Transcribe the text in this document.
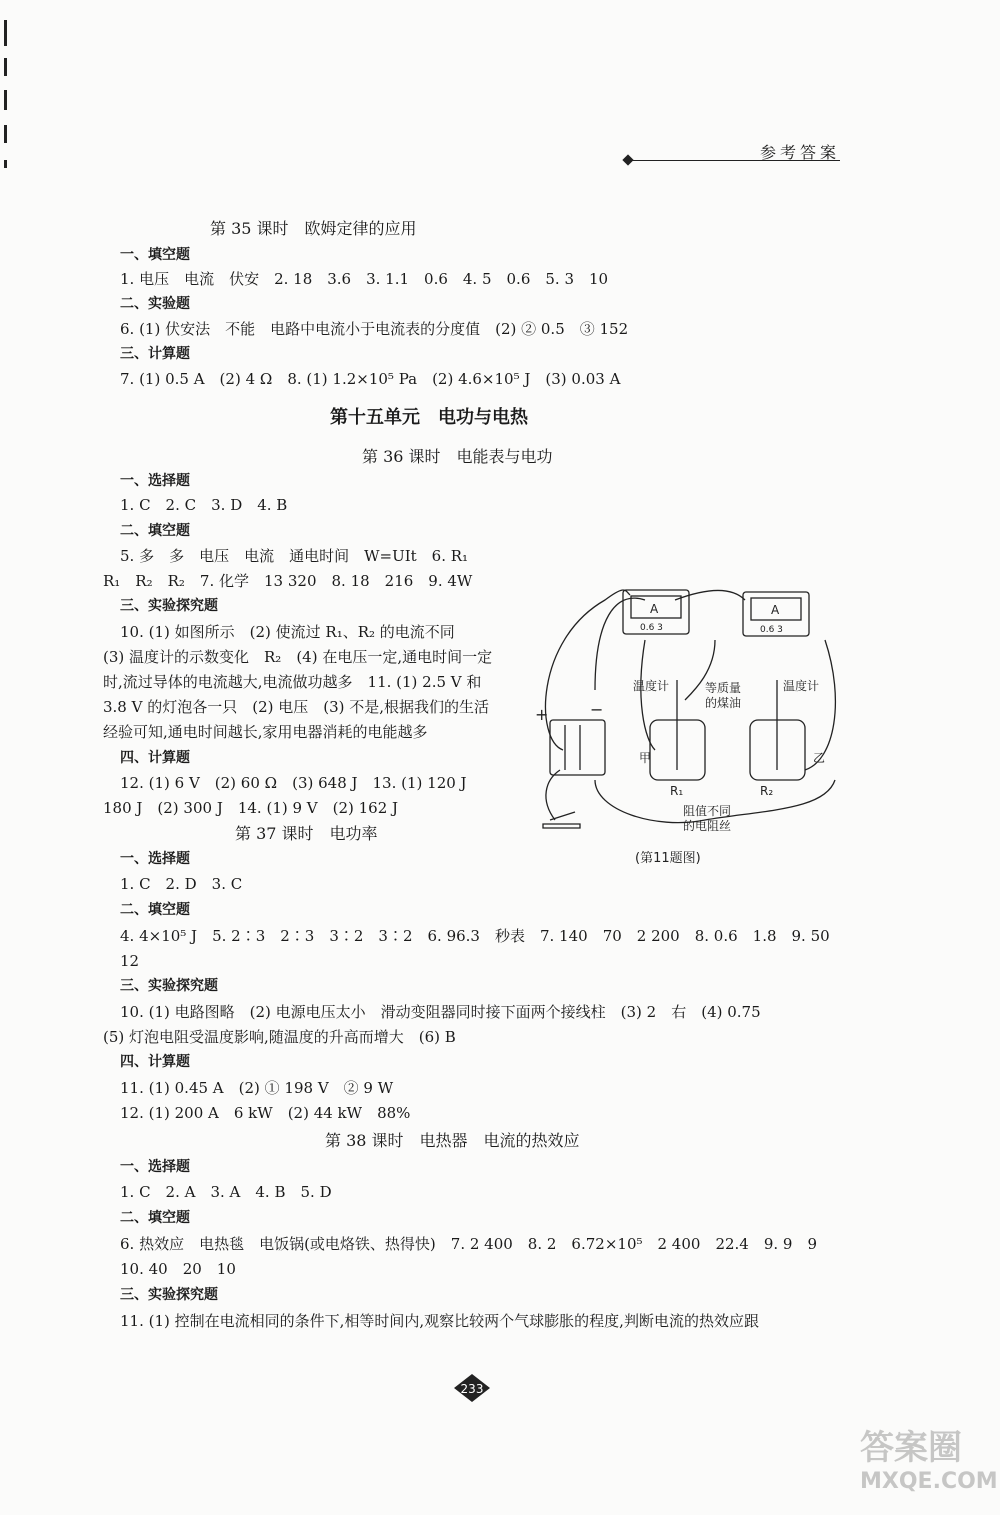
参考答案
第 35 课时　欧姆定律的应用
一、填空题
1. 电压　电流　伏安　2. 18　3.6　3. 1.1　0.6　4. 5　0.6　5. 3　10
二、实验题
6. (1) 伏安法　不能　电路中电流小于电流表的分度值　(2) ② 0.5　③ 152
三、计算题
7. (1) 0.5 A　(2) 4 Ω　8. (1) 1.2×10⁵ Pa　(2) 4.6×10⁵ J　(3) 0.03 A
第十五单元　电功与电热
第 36 课时　电能表与电功
一、选择题
1. C　2. C　3. D　4. B
二、填空题
5. 多　多　电压　电流　通电时间　W=UIt　6. R₁
R₁　R₂　R₂　7. 化学　13 320　8. 18　216　9. 4W
三、实验探究题
10. (1) 如图所示　(2) 使流过 R₁、R₂ 的电流不同
(3) 温度计的示数变化　R₂　(4) 在电压一定,通电时间一定
时,流过导体的电流越大,电流做功越多　11. (1) 2.5 V 和
3.8 V 的灯泡各一只　(2) 电压　(3) 不是,根据我们的生活
经验可知,通电时间越长,家用电器消耗的电能越多
四、计算题
12. (1) 6 V　(2) 60 Ω　(3) 648 J　13. (1) 120 J
180 J　(2) 300 J　14. (1) 9 V　(2) 162 J
第 37 课时　电功率
一、选择题
1. C　2. D　3. C
二、填空题
4. 4×10⁵ J　5. 2∶3　2∶3　3∶2　3∶2　6. 96.3　秒表　7. 140　70　2 200　8. 0.6　1.8　9. 50
12
三、实验探究题
10. (1) 电路图略　(2) 电源电压太小　滑动变阻器同时接下面两个接线柱　(3) 2　右　(4) 0.75
(5) 灯泡电阻受温度影响,随温度的升高而增大　(6) B
四、计算题
11. (1) 0.45 A　(2) ① 198 V　② 9 W
12. (1) 200 A　6 kW　(2) 44 kW　88%
第 38 课时　电热器　电流的热效应
一、选择题
1. C　2. A　3. A　4. B　5. D
二、填空题
6. 热效应　电热毯　电饭锅(或电烙铁、热得快)　7. 2 400　8. 2　6.72×10⁵　2 400　22.4　9. 9　9
10. 40　20　10
三、实验探究题
11. (1) 控制在电流相同的条件下,相等时间内,观察比较两个气球膨胀的程度,判断电流的热效应跟
A	A
0.6 3	0.6 3
温度计	温度计
等质量
的煤油
甲	乙
R₁	R₂
阻值不同
的电阻丝
+	−
(第11题图)
233
答案圈
MXQE.COM
